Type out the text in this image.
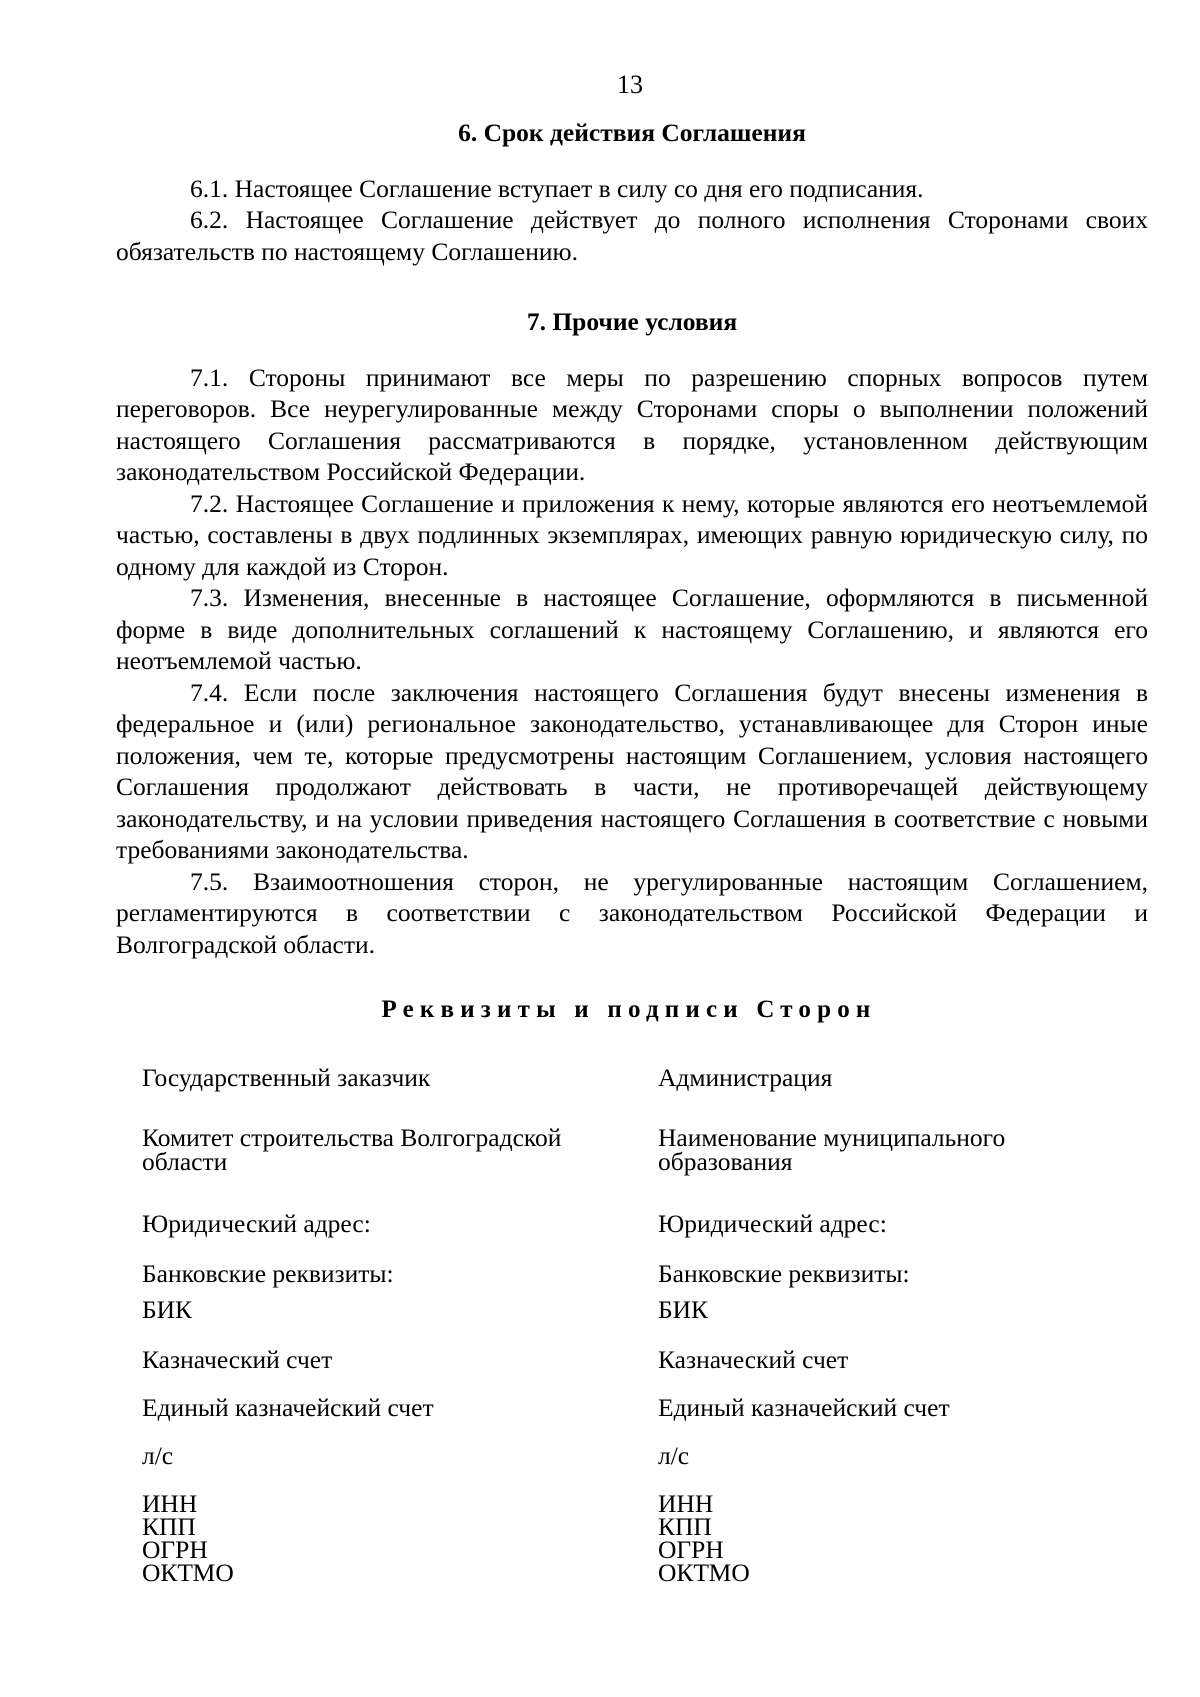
13

6. Срок действия Соглашения

6.1. Настоящее Соглашение вступает в силу со дня его подписания.

6.2. Настоящее Соглашение действует до полного исполнения Сторонами своих обязательств по настоящему Соглашению.

7. Прочие условия

7.1. Стороны принимают все меры по разрешению спорных вопросов путем переговоров. Все неурегулированные между Сторонами споры о выполнении положений настоящего Соглашения рассматриваются в порядке, установленном действующим законодательством Российской Федерации.

7.2. Настоящее Соглашение и приложения к нему, которые являются его неотъемлемой частью, составлены в двух подлинных экземплярах, имеющих равную юридическую силу, по одному для каждой из Сторон.

7.3. Изменения, внесенные в настоящее Соглашение, оформляются в письменной форме в виде дополнительных соглашений к настоящему Соглашению, и являются его неотъемлемой частью.

7.4. Если после заключения настоящего Соглашения будут внесены изменения в федеральное и (или) региональное законодательство, устанавливающее для Сторон иные положения, чем те, которые предусмотрены настоящим Соглашением, условия настоящего Соглашения продолжают действовать в части, не противоречащей действующему законодательству, и на условии приведения настоящего Соглашения в соответствие с новыми требованиями законодательства.

7.5. Взаимоотношения сторон, не урегулированные настоящим Соглашением, регламентируются в соответствии с законодательством Российской Федерации и Волгоградской области.

Реквизиты и подписи Сторон
Государственный заказчик
Комитет строительства Волгоградской
области
Юридический адрес:
Банковские реквизиты:
БИК
Казначеский счет
Единый казначейский счет
л/с
ИНН
КПП
ОГРН
ОКТМО
Администрация
Наименование муниципального
образования
Юридический адрес:
Банковские реквизиты:
БИК
Казначеский счет
Единый казначейский счет
л/с
ИНН
КПП
ОГРН
ОКТМО
